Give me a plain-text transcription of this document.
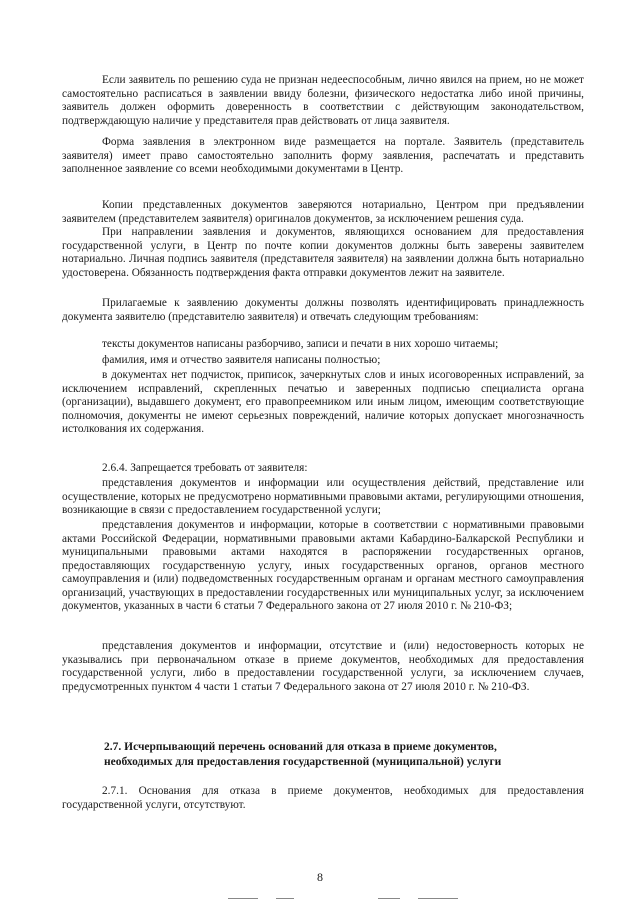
Если заявитель по решению суда не признан недееспособным, лично явился на прием, но не может самостоятельно расписаться в заявлении ввиду болезни, физического недостатка либо иной причины, заявитель должен оформить доверенность в соответствии с действующим законодательством, подтверждающую наличие у представителя прав действовать от лица заявителя.

Форма заявления в электронном виде размещается на портале. Заявитель (представитель заявителя) имеет право самостоятельно заполнить форму заявления, распечатать и представить заполненное заявление со всеми необходимыми документами в Центр.

Копии представленных документов заверяются нотариально, Центром при предъявлении заявителем (представителем заявителя) оригиналов документов, за исключением решения суда.

При направлении заявления и документов, являющихся основанием для предоставления государственной услуги, в Центр по почте копии документов должны быть заверены заявителем нотариально. Личная подпись заявителя (представителя заявителя) на заявлении должна быть нотариально удостоверена. Обязанность подтверждения факта отправки документов лежит на заявителе.

Прилагаемые к заявлению документы должны позволять идентифицировать принадлежность документа заявителю (представителю заявителя) и отвечать следующим требованиям:

тексты документов написаны разборчиво, записи и печати в них хорошо читаемы;

фамилия, имя и отчество заявителя написаны полностью;

в документах нет подчисток, приписок, зачеркнутых слов и иных исоговоренных исправлений, за исключением исправлений, скрепленных печатью и заверенных подписью специалиста органа (организации), выдавшего документ, его правопреемником или иным лицом, имеющим соответствующие полномочия, документы не имеют серьезных повреждений, наличие которых допускает многозначность истолкования их содержания.

2.6.4. Запрещается требовать от заявителя:

представления документов и информации или осуществления действий, представление или осуществление, которых не предусмотрено нормативными правовыми актами, регулирующими отношения, возникающие в связи с предоставлением государственной услуги;

представления документов и информации, которые в соответствии с нормативными правовыми актами Российской Федерации, нормативными правовыми актами Кабардино-Балкарской Республики и муниципальными правовыми актами находятся в распоряжении государственных органов, предоставляющих государственную услугу, иных государственных органов, органов местного самоуправления и (или) подведомственных государственным органам и органам местного самоуправления организаций, участвующих в предоставлении государственных или муниципальных услуг, за исключением документов, указанных в части 6 статьи 7 Федерального закона от 27 июля 2010 г. № 210-ФЗ;

представления документов и информации, отсутствие и (или) недостоверность которых не указывались при первоначальном отказе в приеме документов, необходимых для предоставления государственной услуги, либо в предоставлении государственной услуги, за исключением случаев, предусмотренных пунктом 4 части 1 статьи 7 Федерального закона от 27 июля 2010 г. № 210-ФЗ.

2.7. Исчерпывающий перечень оснований для отказа в приеме документов, необходимых для предоставления государственной (муниципальной) услуги

2.7.1. Основания для отказа в приеме документов, необходимых для предоставления государственной услуги, отсутствуют.

8
